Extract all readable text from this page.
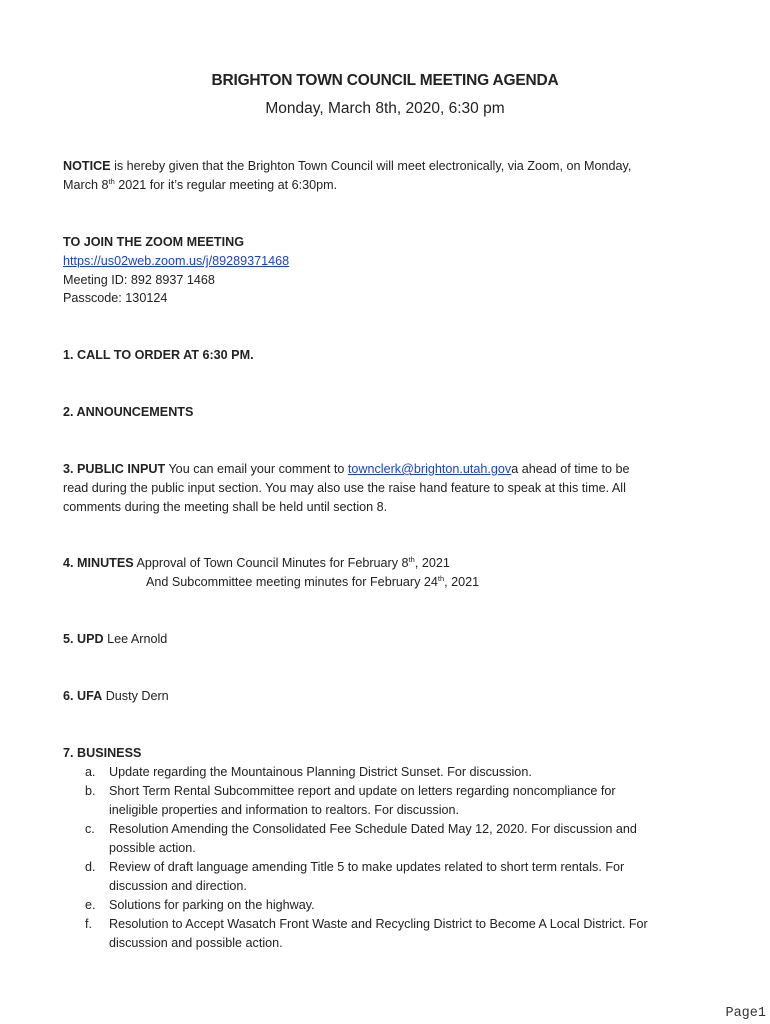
BRIGHTON TOWN COUNCIL MEETING AGENDA
Monday, March 8th, 2020, 6:30 pm
NOTICE is hereby given that the Brighton Town Council will meet electronically, via Zoom, on Monday,
March 8th 2021 for it’s regular meeting at 6:30pm.
TO JOIN THE ZOOM MEETING
https://us02web.zoom.us/j/89289371468
Meeting ID: 892 8937 1468
Passcode: 130124
1. CALL TO ORDER AT 6:30 PM.
2. ANNOUNCEMENTS
3. PUBLIC INPUT You can email your comment to townclerk@brighton.utah.gova ahead of time to be
read during the public input section. You may also use the raise hand feature to speak at this time. All
comments during the meeting shall be held until section 8.
4. MINUTES Approval of Town Council Minutes for February 8th, 2021
And Subcommittee meeting minutes for February 24th, 2021
5. UPD Lee Arnold
6. UFA Dusty Dern
7. BUSINESS
a. Update regarding the Mountainous Planning District Sunset. For discussion.
b. Short Term Rental Subcommittee report and update on letters regarding noncompliance for
ineligible properties and information to realtors. For discussion.
c. Resolution Amending the Consolidated Fee Schedule Dated May 12, 2020. For discussion and
possible action.
d. Review of draft language amending Title 5 to make updates related to short term rentals. For
discussion and direction.
e. Solutions for parking on the highway.
f. Resolution to Accept Wasatch Front Waste and Recycling District to Become A Local District. For
discussion and possible action.
Page1
